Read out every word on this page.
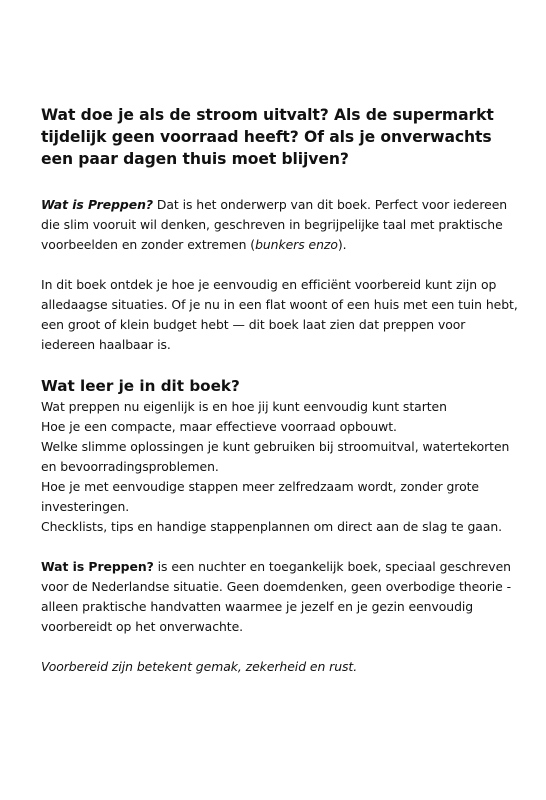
Wat doe je als de stroom uitvalt? Als de supermarkt tijdelijk geen voorraad heeft? Of als je onverwachts een paar dagen thuis moet blijven?

Wat is Preppen? Dat is het onderwerp van dit boek. Perfect voor iedereen die slim vooruit wil denken, geschreven in begrijpelijke taal met praktische voorbeelden en zonder extremen (bunkers enzo).

In dit boek ontdek je hoe je eenvoudig en efficiënt voorbereid kunt zijn op alledaagse situaties. Of je nu in een flat woont of een huis met een tuin hebt, een groot of klein budget hebt — dit boek laat zien dat preppen voor iedereen haalbaar is.

Wat leer je in dit boek?

Wat preppen nu eigenlijk is en hoe jij kunt eenvoudig kunt starten
Hoe je een compacte, maar effectieve voorraad opbouwt.
Welke slimme oplossingen je kunt gebruiken bij stroomuitval, watertekorten en bevoorradingsproblemen.
Hoe je met eenvoudige stappen meer zelfredzaam wordt, zonder grote investeringen.
Checklists, tips en handige stappenplannen om direct aan de slag te gaan.

Wat is Preppen? is een nuchter en toegankelijk boek, speciaal geschreven voor de Nederlandse situatie. Geen doemdenken, geen overbodige theorie - alleen praktische handvatten waarmee je jezelf en je gezin eenvoudig voorbereidt op het onverwachte.

Voorbereid zijn betekent gemak, zekerheid en rust.
